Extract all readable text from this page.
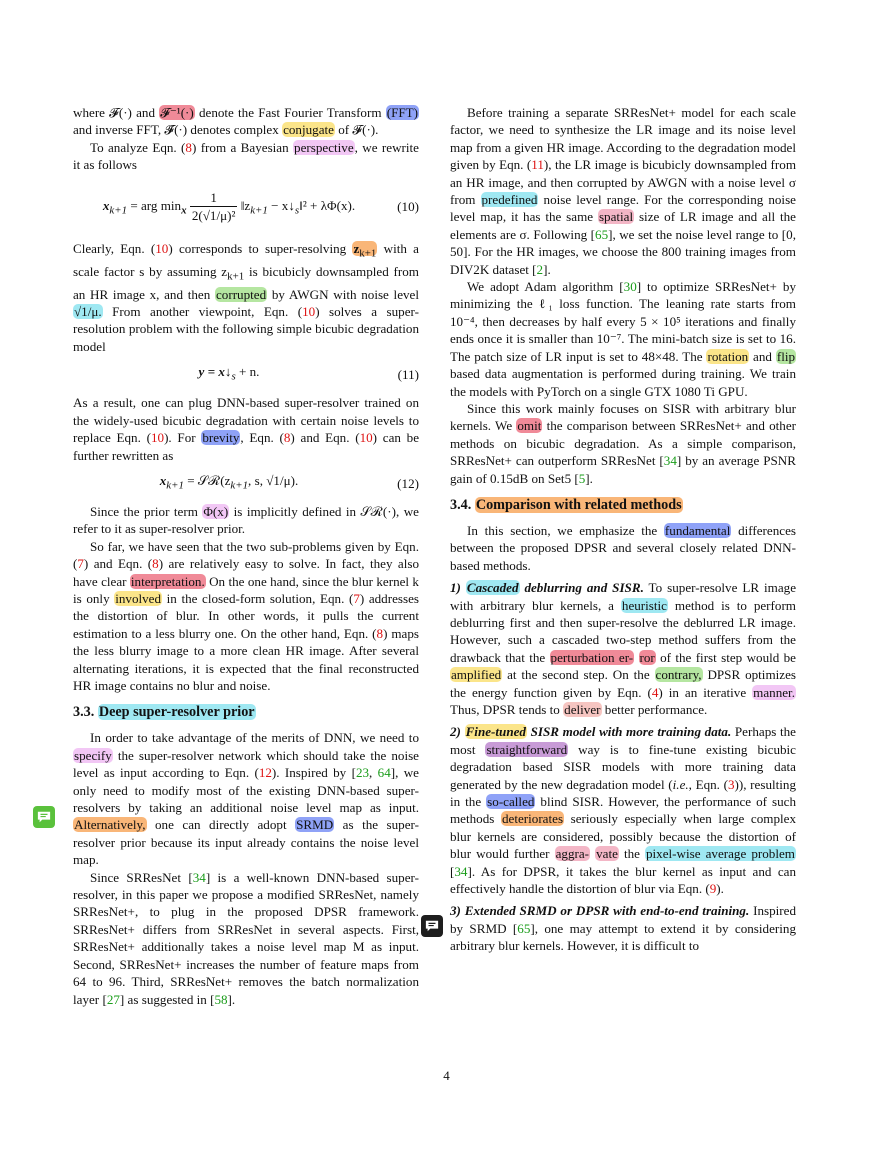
where 𝓕(·) and 𝓕⁻¹(·) denote the Fast Fourier Transform (FFT) and inverse FFT, 𝓕̄(·) denotes complex conjugate of 𝓕(·).

To analyze Eqn. (8) from a Bayesian perspective, we rewrite it as follows

$x_{k+1}$ = arg $\min_x \frac{1}{\text{2(√1/μ)²}}$ $‖z_{k+1}$ − $x↓_s‖^2 + \lambda\Phi(x)$.	(10)

Clearly, Eqn. (10) corresponds to super-resolving $z_{k+1}$ with a scale factor s by assuming $z_{k+1}$ is bicubicly downsampled from an HR image x, and then corrupted by AWGN with noise level √1/μ. From another viewpoint, Eqn. (10) solves a super-resolution problem with the following simple bicubic degradation model

$y = x↓_s + n$.	(11)

As a result, one can plug DNN-based super-resolver trained on the widely-used bicubic degradation with certain noise levels to replace Eqn. (10). For brevity, Eqn. (8) and Eqn. (10) can be further rewritten as

$x_{k+1}$ = $𝒮ℛ(z_{k+1}$, s, √1/μ).	(12)

Since the prior term Φ(x) is implicitly defined in 𝒮ℛ(·), we refer to it as super-resolver prior.

So far, we have seen that the two sub-problems given by Eqn. (7) and Eqn. (8) are relatively easy to solve. In fact, they also have clear interpretation. On the one hand, since the blur kernel k is only involved in the closed-form solution, Eqn. (7) addresses the distortion of blur. In other words, it pulls the current estimation to a less blurry one. On the other hand, Eqn. (8) maps the less blurry image to a more clean HR image. After several alternating iterations, it is expected that the final reconstructed HR image contains no blur and noise.

3.3. Deep super-resolver prior

In order to take advantage of the merits of DNN, we need to specify the super-resolver network which should take the noise level as input according to Eqn. (12). Inspired by [23, 64], we only need to modify most of the existing DNN-based super-resolvers by taking an additional noise level map as input. Alternatively, one can directly adopt SRMD as the super-resolver prior because its input already contains the noise level map.

Since SRResNet [34] is a well-known DNN-based super-resolver, in this paper we propose a modified SRResNet, namely SRResNet+, to plug in the proposed DPSR framework. SRResNet+ differs from SRResNet in several aspects. First, SRResNet+ additionally takes a noise level map M as input. Second, SRResNet+ increases the number of feature maps from 64 to 96. Third, SRResNet+ removes the batch normalization layer [27] as suggested in [58].

Before training a separate SRResNet+ model for each scale factor, we need to synthesize the LR image and its noise level map from a given HR image. According to the degradation model given by Eqn. (11), the LR image is bicubicly downsampled from an HR image, and then corrupted by AWGN with a noise level σ from predefined noise level range. For the corresponding noise level map, it has the same spatial size of LR image and all the elements are σ. Following [65], we set the noise level range to [0, 50]. For the HR images, we choose the 800 training images from DIV2K dataset [2].

We adopt Adam algorithm [30] to optimize SRResNet+ by minimizing the ℓ₁ loss function. The leaning rate starts from 10⁻⁴, then decreases by half every 5 × 10⁵ iterations and finally ends once it is smaller than 10⁻⁷. The mini-batch size is set to 16. The patch size of LR input is set to 48×48. The rotation and flip based data augmentation is performed during training. We train the models with PyTorch on a single GTX 1080 Ti GPU.

Since this work mainly focuses on SISR with arbitrary blur kernels. We omit the comparison between SRResNet+ and other methods on bicubic degradation. As a simple comparison, SRResNet+ can outperform SRResNet [34] by an average PSNR gain of 0.15dB on Set5 [5].

3.4. Comparison with related methods

In this section, we emphasize the fundamental differences between the proposed DPSR and several closely related DNN-based methods.

1) Cascaded deblurring and SISR. To super-resolve LR image with arbitrary blur kernels, a heuristic method is to perform deblurring first and then super-resolve the deblurred LR image. However, such a cascaded two-step method suffers from the drawback that the perturbation er- ror of the first step would be amplified at the second step. On the contrary, DPSR optimizes the energy function given by Eqn. (4) in an iterative manner. Thus, DPSR tends to deliver better performance.

2) Fine-tuned SISR model with more training data. Perhaps the most straightforward way is to fine-tune existing bicubic degradation based SISR models with more training data generated by the new degradation model (i.e., Eqn. (3)), resulting in the so-called blind SISR. However, the performance of such methods deteriorates seriously especially when large complex blur kernels are considered, possibly because the distortion of blur would further aggra- vate the pixel-wise average problem [34]. As for DPSR, it takes the blur kernel as input and can effectively handle the distortion of blur via Eqn. (9).

3) Extended SRMD or DPSR with end-to-end training. Inspired by SRMD [65], one may attempt to extend it by considering arbitrary blur kernels. However, it is difficult to

4
